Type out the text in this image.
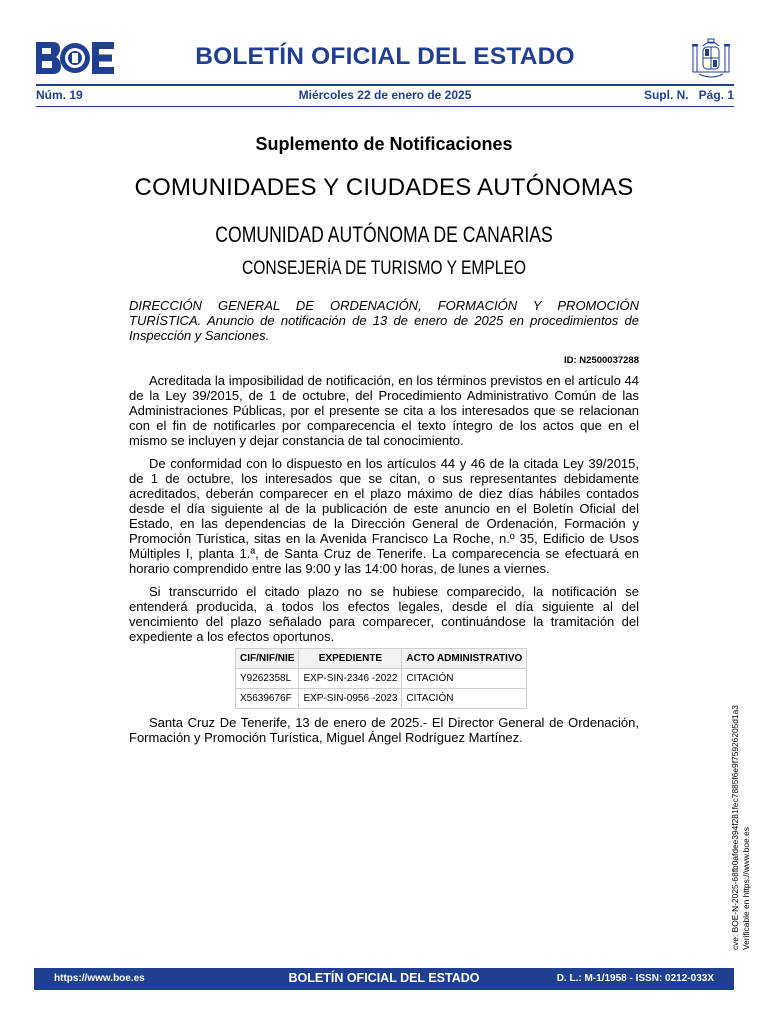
BOLETÍN OFICIAL DEL ESTADO
Miércoles 22 de enero de 2025
Núm. 19	Supl. N.   Pág. 1
Suplemento de Notificaciones
COMUNIDADES Y CIUDADES AUTÓNOMAS
COMUNIDAD AUTÓNOMA DE CANARIAS
CONSEJERÍA DE TURISMO Y EMPLEO
DIRECCIÓN GENERAL DE ORDENACIÓN, FORMACIÓN Y PROMOCIÓN TURÍSTICA. Anuncio de notificación de 13 de enero de 2025 en procedimientos de Inspección y Sanciones.
ID: N2500037288

Acreditada la imposibilidad de notificación, en los términos previstos en el artículo 44 de la Ley 39/2015, de 1 de octubre, del Procedimiento Administrativo Común de las Administraciones Públicas, por el presente se cita a los interesados que se relacionan con el fin de notificarles por comparecencia el texto íntegro de los actos que en el mismo se incluyen y dejar constancia de tal conocimiento.

De conformidad con lo dispuesto en los artículos 44 y 46 de la citada Ley 39/2015, de 1 de octubre, los interesados que se citan, o sus representantes debidamente acreditados, deberán comparecer en el plazo máximo de diez días hábiles contados desde el día siguiente al de la publicación de este anuncio en el Boletín Oficial del Estado, en las dependencias de la Dirección General de Ordenación, Formación y Promoción Turística, sitas en la Avenida Francisco La Roche, n.º 35, Edificio de Usos Múltiples I, planta 1.ª, de Santa Cruz de Tenerife. La comparecencia se efectuará en horario comprendido entre las 9:00 y las 14:00 horas, de lunes a viernes.

Si transcurrido el citado plazo no se hubiese comparecido, la notificación se entenderá producida, a todos los efectos legales, desde el día siguiente al del vencimiento del plazo señalado para comparecer, continuándose la tramitación del expediente a los efectos oportunos.

CIF/NIF/NIE	EXPEDIENTE	ACTO ADMINISTRATIVO
Y9262358L	EXP-SIN-2346 -2022	CITACIÓN
X5639676F	EXP-SIN-0956 -2023	CITACIÓN
Santa Cruz De Tenerife, 13 de enero de 2025.- El Director General de Ordenación, Formación y Promoción Turística, Miguel Ángel Rodríguez Martínez.	cve: BOE-N-2025-68fb0afdee394f281fec7885f6e9f75926205d1a3 Verificable en https://www.boe.es
BOLETÍN OFICIAL DEL ESTADO
https://www.boe.es	D. L.: M-1/1958 - ISSN: 0212-033X
